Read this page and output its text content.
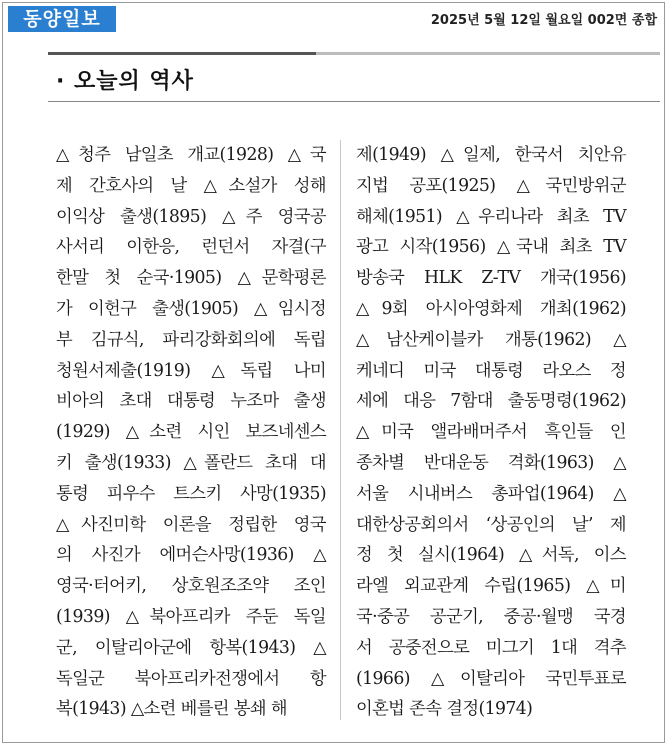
동양일보	2025년 5월 12일 월요일 002면 종합
· 오늘의 역사
△청주 남일초 개교(1928) △국
제 간호사의 날 △소설가 성해
이익상 출생(1895) △주 영국공
사서리 이한응, 런던서 자결(구
한말 첫 순국·1905) △문학평론
가 이헌구 출생(1905) △임시정
부 김규식, 파리강화회의에 독립
청원서제출(1919) △독립 나미
비아의 초대 대통령 누조마 출생
(1929) △소련 시인 보즈네센스
키 출생(1933) △폴란드 초대 대
통령 피우수 트스키 사망(1935)
△사진미학 이론을 정립한 영국
의 사진가 에머슨사망(1936) △
영국·터어키, 상호원조조약 조인
(1939) △북아프리카 주둔 독일
군, 이탈리아군에 항복(1943) △
독일군 북아프리카전쟁에서 항
복(1943) △소련 베를린 봉쇄 해
제(1949) △일제, 한국서 치안유
지법 공포(1925) △국민방위군
해체(1951) △우리나라 최초 TV
광고 시작(1956) △국내 최초 TV
방송국 HLK Z-TV 개국(1956)
△9회 아시아영화제 개최(1962)
△남산케이블카 개통(1962) △
케네디 미국 대통령 라오스 정
세에 대응 7함대 출동명령(1962)
△미국 앨라배머주서 흑인들 인
종차별 반대운동 격화(1963) △
서울 시내버스 총파업(1964) △
대한상공회의서 ‘상공인의 날’ 제
정 첫 실시(1964) △서독, 이스
라엘 외교관계 수립(1965) △미
국·중공 공군기, 중공·월맹 국경
서 공중전으로 미그기 1대 격추
(1966) △이탈리아 국민투표로
이혼법 존속 결정(1974)
